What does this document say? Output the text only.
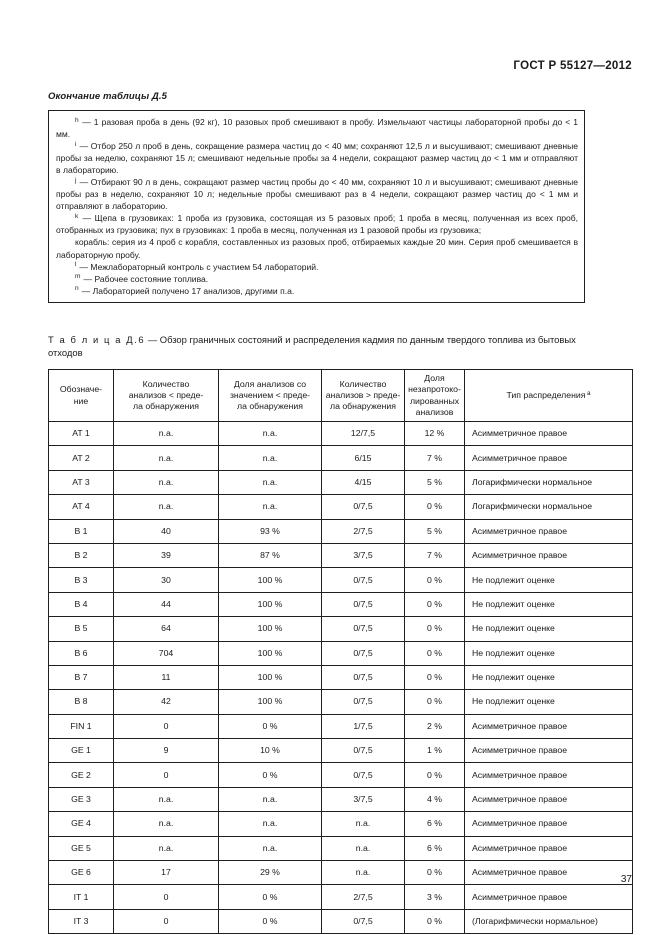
ГОСТ Р 55127—2012
Окончание таблицы Д.5

$^h$ — 1 разовая проба в день (92 кг), 10 разовых проб смешивают в пробу. Измельчают частицы лабораторной пробы до < 1 мм.

$^i$ — Отбор 250 л проб в день, сокращение размера частиц до < 40 мм; сохраняют 12,5 л и высушивают; смешивают дневные пробы за неделю, сохраняют 15 л; смешивают недельные пробы за 4 недели, сокращают размер частиц до < 1 мм и отправляют в лабораторию.

$^j$ — Отбирают 90 л в день, сокращают размер частиц пробы до < 40 мм, сохраняют 10 л и высушивают; смешивают дневные пробы раз в неделю, сохраняют 10 л; недельные пробы смешивают раз в 4 недели, сокращают размер частиц до < 1 мм и отправляют в лабораторию.

$^k$ — Щепа в грузовиках: 1 проба из грузовика, состоящая из 5 разовых проб; 1 проба в месяц, полученная из всех проб, отобранных из грузовика; пух в грузовиках: 1 проба в месяц, полученная из 1 разовой пробы из грузовика;

корабль: серия из 4 проб с корабля, составленных из разовых проб, отбираемых каждые 20 мин. Серия проб смешивается в лабораторную пробу.

$^l$ — Межлабораторный контроль с участием 54 лабораторий.

$^m$ — Рабочее состояние топлива.

$^n$ — Лабораторией получено 17 анализов, другими п.а.

Т а б л и ц а Д.6 — Обзор граничных состояний и распределения кадмия по данным твердого топлива из бытовых отходов
Обозначе-
ние	Количество
анализов < преде-
ла обнаружения	Доля анализов со
значением < преде-
ла обнаружения	Количество
анализов > преде-
ла обнаружения	Доля
незапротоко-
лированных
анализов	Тип распределения $^а$
AT 1	n.a.	n.a.	12/7,5	12 %	Асимметричное правое
AT 2	n.a.	n.a.	6/15	7 %	Асимметричное правое
AT 3	n.a.	n.a.	4/15	5 %	Логарифмически нормальное
AT 4	n.a.	n.a.	0/7,5	0 %	Логарифмически нормальное
B 1	40	93 %	2/7,5	5 %	Асимметричное правое
B 2	39	87 %	3/7,5	7 %	Асимметричное правое
B 3	30	100 %	0/7,5	0 %	Не подлежит оценке
B 4	44	100 %	0/7,5	0 %	Не подлежит оценке
B 5	64	100 %	0/7,5	0 %	Не подлежит оценке
B 6	704	100 %	0/7,5	0 %	Не подлежит оценке
B 7	11	100 %	0/7,5	0 %	Не подлежит оценке
B 8	42	100 %	0/7,5	0 %	Не подлежит оценке
FIN 1	0	0 %	1/7,5	2 %	Асимметричное правое
GE 1	9	10 %	0/7,5	1 %	Асимметричное правое
GE 2	0	0 %	0/7,5	0 %	Асимметричное правое
GE 3	n.a.	n.a.	3/7,5	4 %	Асимметричное правое
GE 4	n.a.	n.a.	n.a.	6 %	Асимметричное правое
GE 5	n.a.	n.a.	n.a.	6 %	Асимметричное правое
GE 6	17	29 %	n.a.	0 %	Асимметричное правое
IT 1	0	0 %	2/7,5	3 %	Асимметричное правое
IT 3	0	0 %	0/7,5	0 %	(Логарифмически нормальное)
37
